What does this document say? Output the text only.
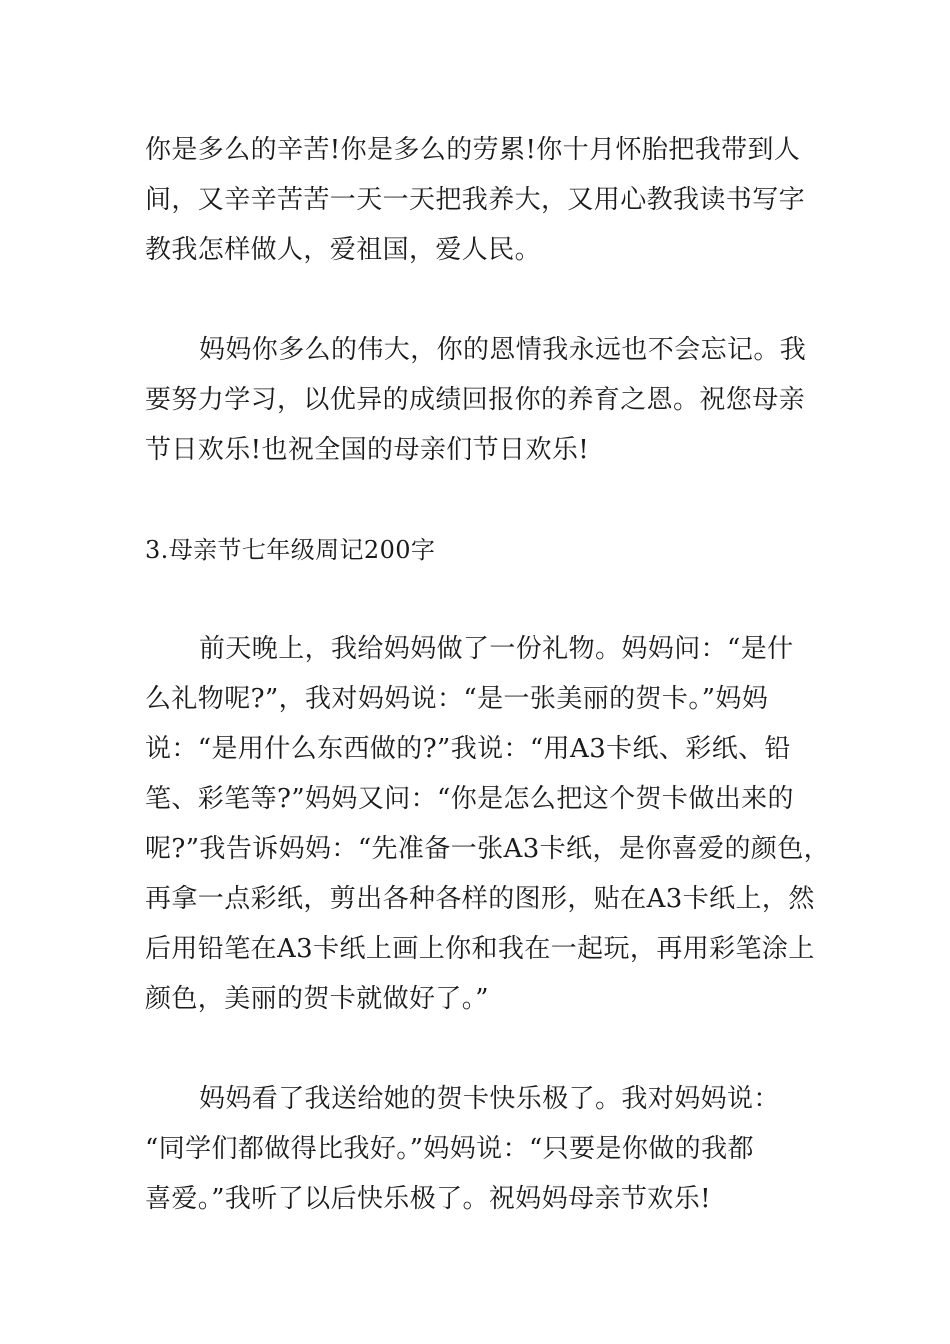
你是多么的辛苦!你是多么的劳累!你十月怀胎把我带到人
间，又辛辛苦苦一天一天把我养大，又用心教我读书写字
教我怎样做人，爱祖国，爱人民。
妈妈你多么的伟大，你的恩情我永远也不会忘记。我
要努力学习，以优异的成绩回报你的养育之恩。祝您母亲
节日欢乐!也祝全国的母亲们节日欢乐!
3.母亲节七年级周记200字
前天晚上，我给妈妈做了一份礼物。妈妈问：“是什
么礼物呢?”，我对妈妈说：“是一张美丽的贺卡。”妈妈
说：“是用什么东西做的?”我说：“用A3卡纸、彩纸、铅
笔、彩笔等?”妈妈又问：“你是怎么把这个贺卡做出来的
呢?”我告诉妈妈：“先准备一张A3卡纸，是你喜爱的颜色，
再拿一点彩纸，剪出各种各样的图形，贴在A3卡纸上，然
后用铅笔在A3卡纸上画上你和我在一起玩，再用彩笔涂上
颜色，美丽的贺卡就做好了。”
妈妈看了我送给她的贺卡快乐极了。我对妈妈说：
“同学们都做得比我好。”妈妈说：“只要是你做的我都
喜爱。”我听了以后快乐极了。祝妈妈母亲节欢乐!
